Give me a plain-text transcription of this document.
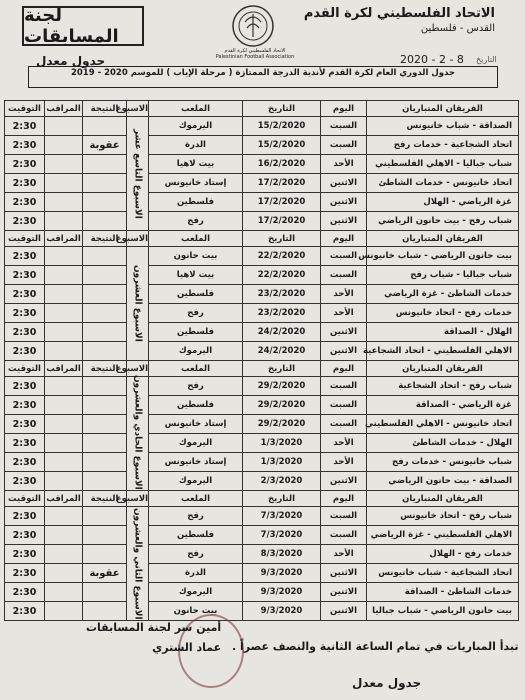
لجنة المسابقات
الاتحاد الفلسطيني لكرة القدم
Palestinian Football Association
الاتحاد الفلسطيني لكرة القدم
القدس - فلسطين
2020 - 2 - 8 التاريخ
جدول معدل
جدول الدوري العام لكرة القدم لأندية الدرجة الممتازة ( مرحلة الإياب ) للموسم 2020 - 2019
الفريقان المتباريان	اليوم	التاريخ	الملعب	الاسبوع	النتيجة	المراقب	التوقيت
الصداقة - شباب خانيونس	السبت	15/2/2020	اليرموك	الاسبوع التاسع عشر			2:30
اتحاد الشجاعية - خدمات رفح	السبت	15/2/2020	الدرة		عقوبة		2:30
شباب جباليا - الاهلي الفلسطيني	الأحد	16/2/2020	بيت لاهيا				2:30
اتحاد خانيونس - خدمات الشاطئ	الاثنين	17/2/2020	إستاد خانيونس				2:30
غزة الرياضي - الهلال	الاثنين	17/2/2020	فلسطين				2:30
شباب رفح - بيت حانون الرياضي	الاثنين	17/2/2020	رفح				2:30
الفريقان المتباريان	اليوم	التاريخ	الملعب	الاسبوع	النتيجة	المراقب	التوقيت
بيت حانون الرياضي - شباب خانيونس	السبت	22/2/2020	بيت حانون	الاسبوع العشرون			2:30
شباب جباليا - شباب رفح	السبت	22/2/2020	بيت لاهيا				2:30
خدمات الشاطئ - غزة الرياضي	الأحد	23/2/2020	فلسطين				2:30
خدمات رفح - اتحاد خانيونس	الأحد	23/2/2020	رفح				2:30
الهلال - الصداقة	الاثنين	24/2/2020	فلسطين				2:30
الاهلي الفلسطيني - اتحاد الشجاعية	الاثنين	24/2/2020	اليرموك				2:30
الفريقان المتباريان	اليوم	التاريخ	الملعب	الاسبوع	النتيجة	المراقب	التوقيت
شباب رفح - اتحاد الشجاعية	السبت	29/2/2020	رفح	الاسبوع الحادي والعشرون			2:30
غزة الرياضي - الصداقة	السبت	29/2/2020	فلسطين				2:30
اتحاد خانيونس - الاهلي الفلسطيني	السبت	29/2/2020	إستاد خانيونس				2:30
الهلال - خدمات الشاطئ	الأحد	1/3/2020	اليرموك				2:30
شباب خانيونس - خدمات رفح	الأحد	1/3/2020	إستاد خانيونس				2:30
الصداقة - بيت حانون الرياضي	الاثنين	2/3/2020	اليرموك				2:30
الفريقان المتباريان	اليوم	التاريخ	الملعب	الاسبوع	النتيجة	المراقب	التوقيت
شباب رفح - اتحاد خانيونس	السبت	7/3/2020	رفح	الاسبوع الثاني والعشرون			2:30
الاهلي الفلسطيني - غزة الرياضي	السبت	7/3/2020	فلسطين				2:30
خدمات رفح - الهلال	الأحد	8/3/2020	رفح				2:30
اتحاد الشجاعية - شباب خانيونس	الاثنين	9/3/2020	الدرة		عقوبة		2:30
خدمات الشاطئ - الصداقة	الاثنين	9/3/2020	اليرموك				2:30
بيت حانون الرياضي - شباب جباليا	الاثنين	9/3/2020	بيت حانون				2:30
تبدأ المباريات في تمام الساعة الثانية والنصف عصراً .
أمين سر لجنة المسابقات
عماد الشتري
جدول معدل
